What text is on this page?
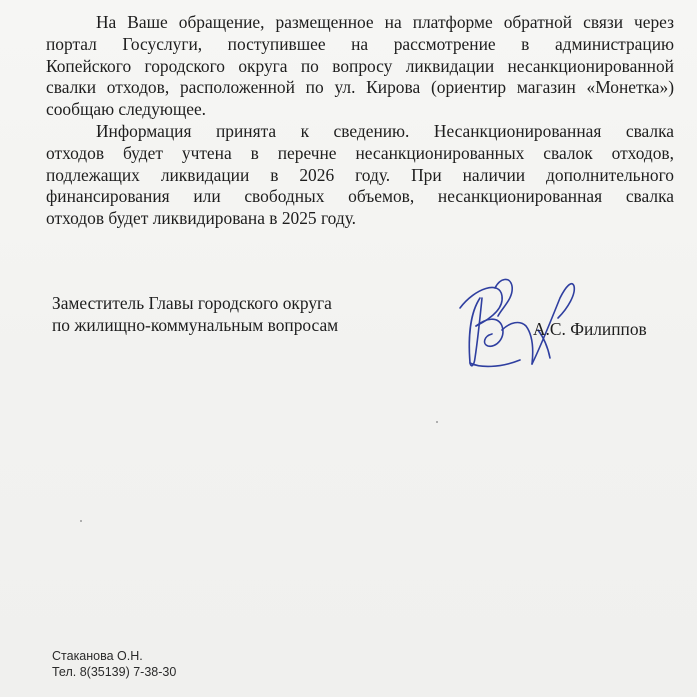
На Ваше обращение, размещенное на платформе обратной связи через
портал Госуслуги, поступившее на рассмотрение в администрацию
Копейского городского округа по вопросу ликвидации несанкционированной
свалки отходов, расположенной по ул. Кирова (ориентир магазин «Монетка»)
сообщаю следующее.

Информация принята к сведению. Несанкционированная свалка
отходов будет учтена в перечне несанкционированных свалок отходов,
подлежащих ликвидации в 2026 году. При наличии дополнительного
финансирования или свободных объемов, несанкционированная свалка
отходов будет ликвидирована в 2025 году.

Заместитель Главы городского округа
по жилищно-коммунальным вопросам	А.С. Филиппов
Стаканова О.Н.
Тел. 8(35139) 7-38-30
